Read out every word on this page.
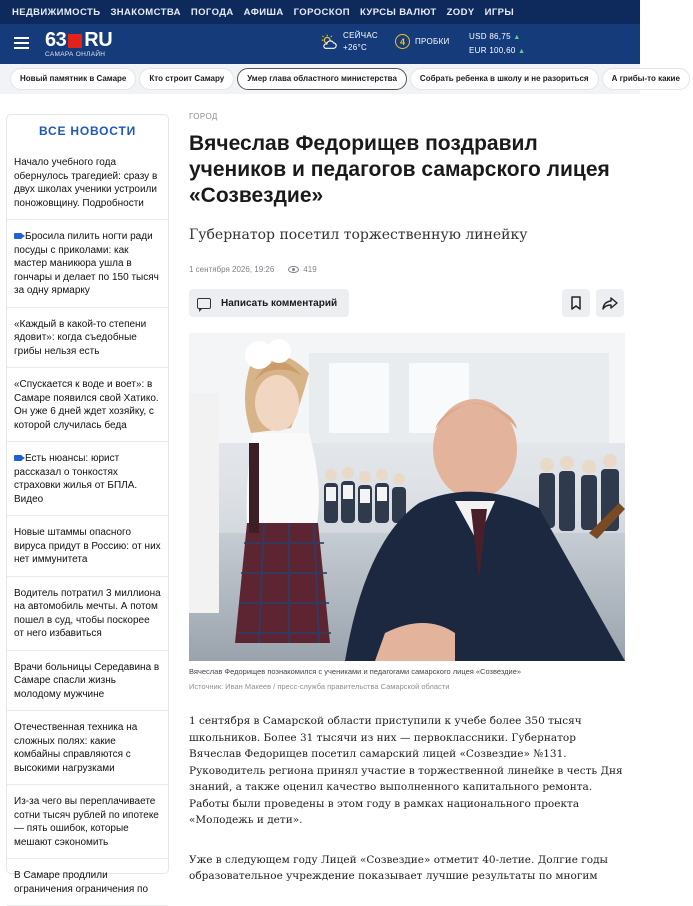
НЕДВИЖИМОСТЬ ЗНАКОМСТВА ПОГОДА АФИША ГОРОСКОП КУРСЫ ВАЛЮТ ZODY ИГРЫ
63 RU
САМАРА ОНЛАЙН
СЕЙЧАС
+26°C
4	ПРОБКИ
USD 86,75 ▲
EUR 100,60 ▲
Новый памятник в Самаре	Кто строит Самару	Умер глава областного министерства	Собрать ребенка в школу и не разориться	А грибы-то какие
ВСЕ НОВОСТИ
Начало учебного года обернулось трагедией: сразу в двух школах ученики устроили поножовщину. Подробности
Бросила пилить ногти ради посуды с приколами: как мастер маникюра ушла в гончары и делает по 150 тысяч за одну ярмарку
«Каждый в какой-то степени ядовит»: когда съедобные грибы нельзя есть
«Спускается к воде и воет»: в Самаре появился свой Хатико. Он уже 6 дней ждет хозяйку, с которой случилась беда
Есть нюансы: юрист рассказал о тонкостях страховки жилья от БПЛА. Видео
Новые штаммы опасного вируса придут в Россию: от них нет иммунитета
Водитель потратил 3 миллиона на автомобиль мечты. А потом пошел в суд, чтобы поскорее от него избавиться
Врачи больницы Середавина в Самаре спасли жизнь молодому мужчине
Отечественная техника на сложных полях: какие комбайны справляются с высокими нагрузками
Из-за чего вы переплачиваете сотни тысяч рублей по ипотеке — пять ошибок, которые мешают сэкономить
В Самаре продлили ограничения ограничения по
ГОРОД
Вячеслав Федорищев поздравил учеников и педагогов самарского лицея «Созвездие»
Губернатор посетил торжественную линейку
1 сентября 2026, 19:26	419
Написать комментарий
Вячеслав Федорищев познакомился с учениками и педагогами самарского лицея «Созвездие»
Источник: Иван Макеев / пресс-служба правительства Самарской области

1 сентября в Самарской области приступили к учебе более 350 тысяч школьников. Более 31 тысячи из них — первоклассники. Губернатор Вячеслав Федорищев посетил самарский лицей «Созвездие» №131. Руководитель региона принял участие в торжественной линейке в честь Дня знаний, а также оценил качество выполненного капитального ремонта. Работы были проведены в этом году в рамках национального проекта «Молодежь и дети».

Уже в следующем году Лицей «Созвездие» отметит 40-летие. Долгие годы образовательное учреждение показывает лучшие результаты по многим
